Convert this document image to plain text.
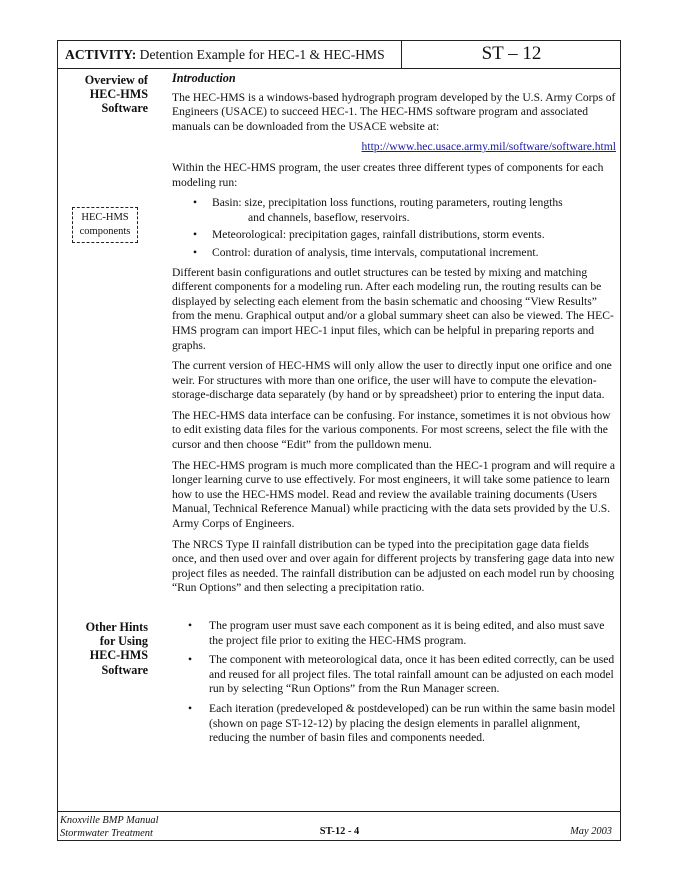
ACTIVITY: Detention Example for HEC-1 & HEC-HMS	ST – 12
Overview of
HEC-HMS
Software
HEC-HMS
components
Other Hints
for Using
HEC-HMS
Software
Introduction

The HEC-HMS is a windows-based hydrograph program developed by the U.S. Army Corps of Engineers (USACE) to succeed HEC-1. The HEC-HMS software program and associated manuals can be downloaded from the USACE website at:

http://www.hec.usace.army.mil/software/software.html

Within the HEC-HMS program, the user creates three different types of components for each modeling run:

• Basin: size, precipitation loss functions, routing parameters, routing lengths
and channels, baseflow, reservoirs.
• Meteorological: precipitation gages, rainfall distributions, storm events.
• Control: duration of analysis, time intervals, computational increment.

Different basin configurations and outlet structures can be tested by mixing and matching different components for a modeling run. After each modeling run, the routing results can be displayed by selecting each element from the basin schematic and choosing “View Results” from the menu. Graphical output and/or a global summary sheet can also be viewed. The HEC-HMS program can import HEC-1 input files, which can be helpful in preparing reports and graphs.

The current version of HEC-HMS will only allow the user to directly input one orifice and one weir. For structures with more than one orifice, the user will have to compute the elevation-storage-discharge data separately (by hand or by spreadsheet) prior to entering the input data.

The HEC-HMS data interface can be confusing. For instance, sometimes it is not obvious how to edit existing data files for the various components. For most screens, select the file with the cursor and then choose “Edit” from the pulldown menu.

The HEC-HMS program is much more complicated than the HEC-1 program and will require a longer learning curve to use effectively. For most engineers, it will take some patience to learn how to use the HEC-HMS model. Read and review the available training documents (Users Manual, Technical Reference Manual) while practicing with the data sets provided by the U.S. Army Corps of Engineers.

The NRCS Type II rainfall distribution can be typed into the precipitation gage data fields once, and then used over and over again for different projects by transfering gage data into new project files as needed. The rainfall distribution can be adjusted on each model run by choosing “Run Options” and then selecting a precipitation ratio.

• The program user must save each component as it is being edited, and also must save the project file prior to exiting the HEC-HMS program.
• The component with meteorological data, once it has been edited correctly, can be used and reused for all project files. The total rainfall amount can be adjusted on each model run by selecting “Run Options” from the Run Manager screen.
• Each iteration (predeveloped & postdeveloped) can be run within the same basin model (shown on page ST-12-12) by placing the design elements in parallel alignment, reducing the number of basin files and components needed.
Knoxville BMP Manual
Stormwater Treatment	ST-12 - 4	May 2003
